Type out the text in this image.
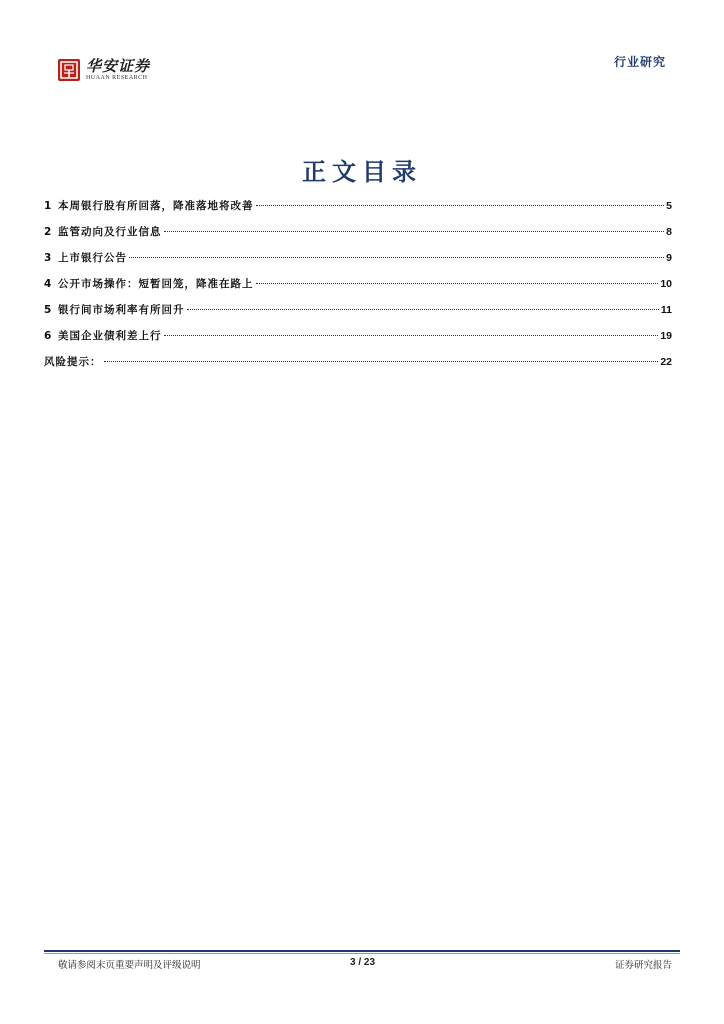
华安证券
HUAAN RESEARCH
行业研究
正文目录
1 本周银行股有所回落，降准落地将改善	5
2 监管动向及行业信息	8
3 上市银行公告	9
4 公开市场操作：短暂回笼，降准在路上	10
5 银行间市场利率有所回升	11
6 美国企业债利差上行	19
风险提示：	22
敬请参阅末页重要声明及评级说明	3 / 23	证券研究报告
